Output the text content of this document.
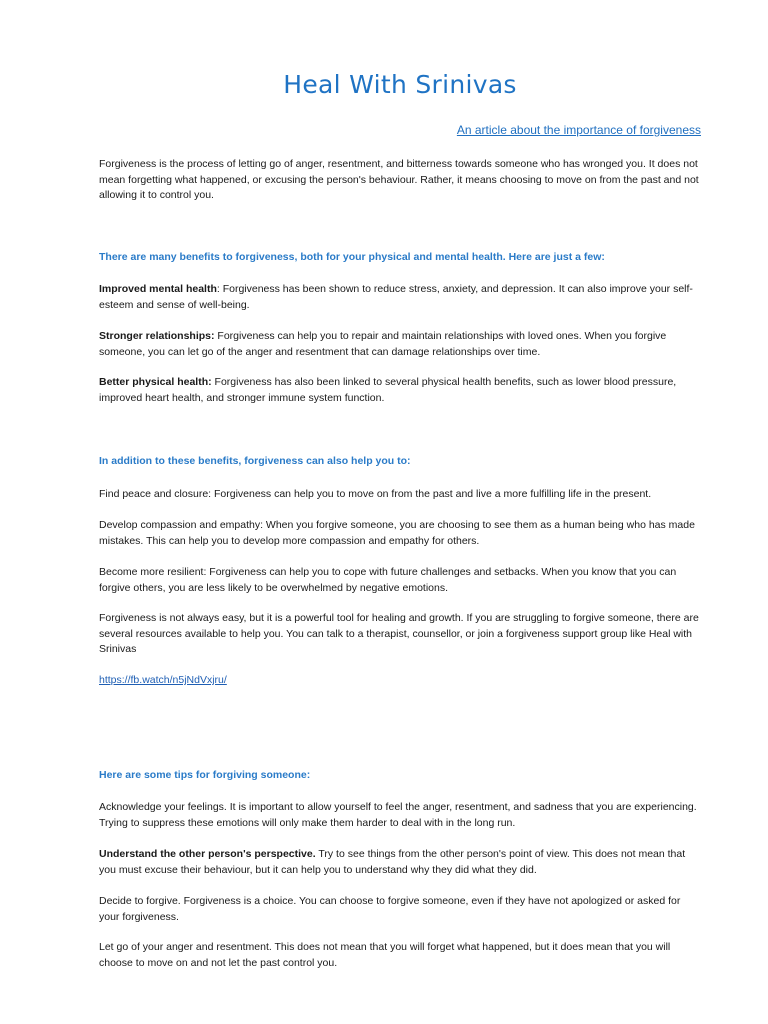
Heal With Srinivas
An article about the importance of forgiveness

Forgiveness is the process of letting go of anger, resentment, and bitterness towards someone who has wronged you. It does not mean forgetting what happened, or excusing the person's behaviour. Rather, it means choosing to move on from the past and not allowing it to control you.

There are many benefits to forgiveness, both for your physical and mental health. Here are just a few:

Improved mental health: Forgiveness has been shown to reduce stress, anxiety, and depression. It can also improve your self-esteem and sense of well-being.

Stronger relationships: Forgiveness can help you to repair and maintain relationships with loved ones. When you forgive someone, you can let go of the anger and resentment that can damage relationships over time.

Better physical health: Forgiveness has also been linked to several physical health benefits, such as lower blood pressure, improved heart health, and stronger immune system function.

In addition to these benefits, forgiveness can also help you to:

Find peace and closure: Forgiveness can help you to move on from the past and live a more fulfilling life in the present.

Develop compassion and empathy: When you forgive someone, you are choosing to see them as a human being who has made mistakes. This can help you to develop more compassion and empathy for others.

Become more resilient: Forgiveness can help you to cope with future challenges and setbacks. When you know that you can forgive others, you are less likely to be overwhelmed by negative emotions.

Forgiveness is not always easy, but it is a powerful tool for healing and growth. If you are struggling to forgive someone, there are several resources available to help you. You can talk to a therapist, counsellor, or join a forgiveness support group like Heal with Srinivas

https://fb.watch/n5jNdVxjru/

Here are some tips for forgiving someone:

Acknowledge your feelings. It is important to allow yourself to feel the anger, resentment, and sadness that you are experiencing. Trying to suppress these emotions will only make them harder to deal with in the long run.

Understand the other person's perspective. Try to see things from the other person's point of view. This does not mean that you must excuse their behaviour, but it can help you to understand why they did what they did.

Decide to forgive. Forgiveness is a choice. You can choose to forgive someone, even if they have not apologized or asked for your forgiveness.

Let go of your anger and resentment. This does not mean that you will forget what happened, but it does mean that you will choose to move on and not let the past control you.
